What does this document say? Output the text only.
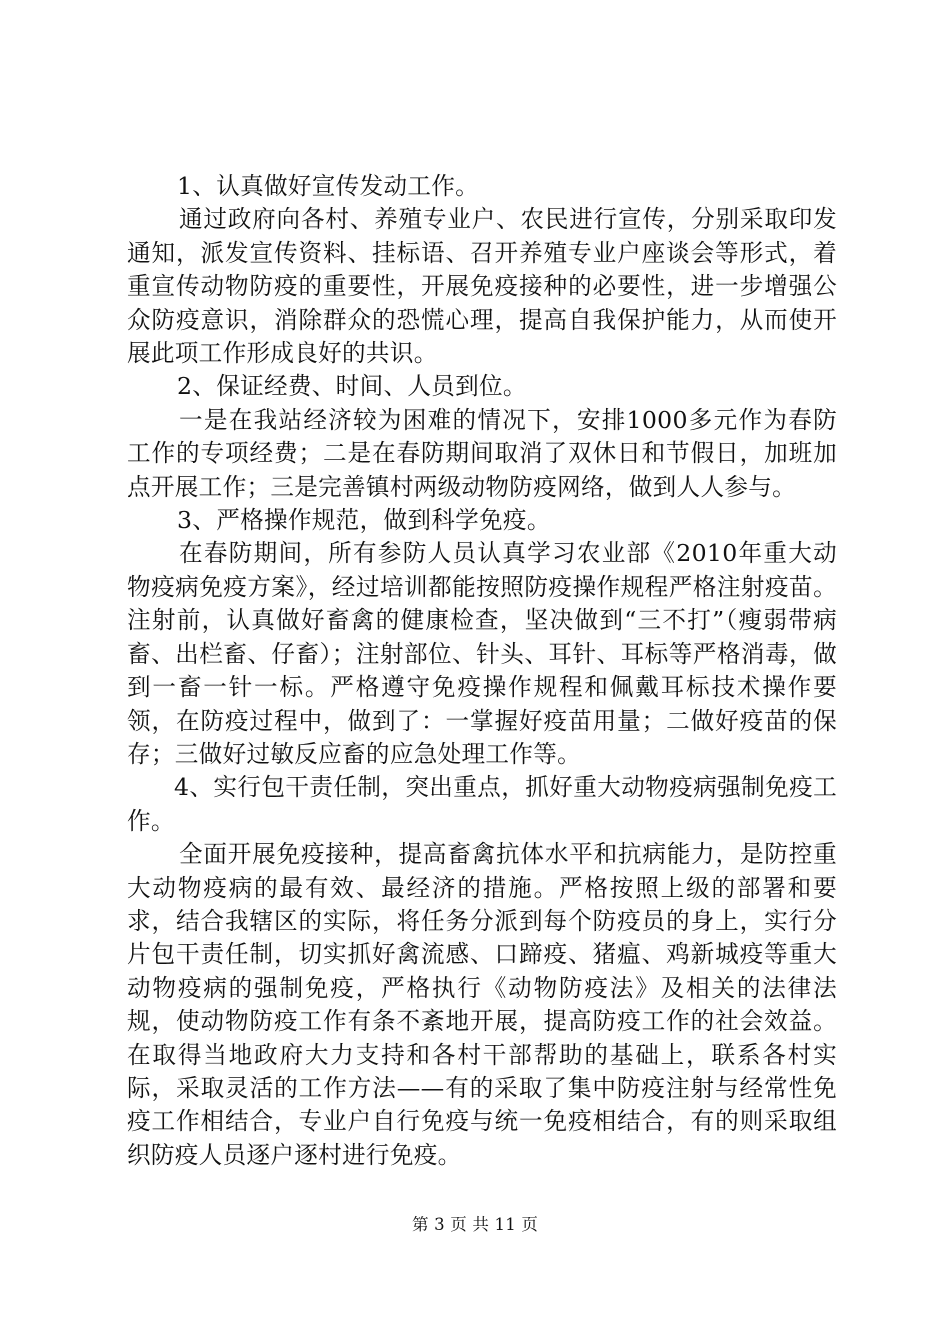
1、认真做好宣传发动工作。

通过政府向各村、养殖专业户、农民进行宣传，分别采取印发通知，派发宣传资料、挂标语、召开养殖专业户座谈会等形式，着重宣传动物防疫的重要性，开展免疫接种的必要性，进一步增强公众防疫意识，消除群众的恐慌心理，提高自我保护能力，从而使开展此项工作形成良好的共识。

2、保证经费、时间、人员到位。

一是在我站经济较为困难的情况下，安排1000多元作为春防工作的专项经费；二是在春防期间取消了双休日和节假日，加班加点开展工作；三是完善镇村两级动物防疫网络，做到人人参与。

3、严格操作规范，做到科学免疫。

在春防期间，所有参防人员认真学习农业部《2010年重大动物疫病免疫方案》，经过培训都能按照防疫操作规程严格注射疫苗。注射前，认真做好畜禽的健康检查，坚决做到“三不打”（瘦弱带病畜、出栏畜、仔畜）；注射部位、针头、耳针、耳标等严格消毒，做到一畜一针一标。严格遵守免疫操作规程和佩戴耳标技术操作要领，在防疫过程中，做到了：一掌握好疫苗用量；二做好疫苗的保存；三做好过敏反应畜的应急处理工作等。

4、实行包干责任制，突出重点，抓好重大动物疫病强制免疫工作。

全面开展免疫接种，提高畜禽抗体水平和抗病能力，是防控重大动物疫病的最有效、最经济的措施。严格按照上级的部署和要求，结合我辖区的实际，将任务分派到每个防疫员的身上，实行分片包干责任制，切实抓好禽流感、口蹄疫、猪瘟、鸡新城疫等重大动物疫病的强制免疫，严格执行《动物防疫法》及相关的法律法规，使动物防疫工作有条不紊地开展，提高防疫工作的社会效益。在取得当地政府大力支持和各村干部帮助的基础上，联系各村实际，采取灵活的工作方法——有的采取了集中防疫注射与经常性免疫工作相结合，专业户自行免疫与统一免疫相结合，有的则采取组织防疫人员逐户逐村进行免疫。

第 3 页 共 11 页
